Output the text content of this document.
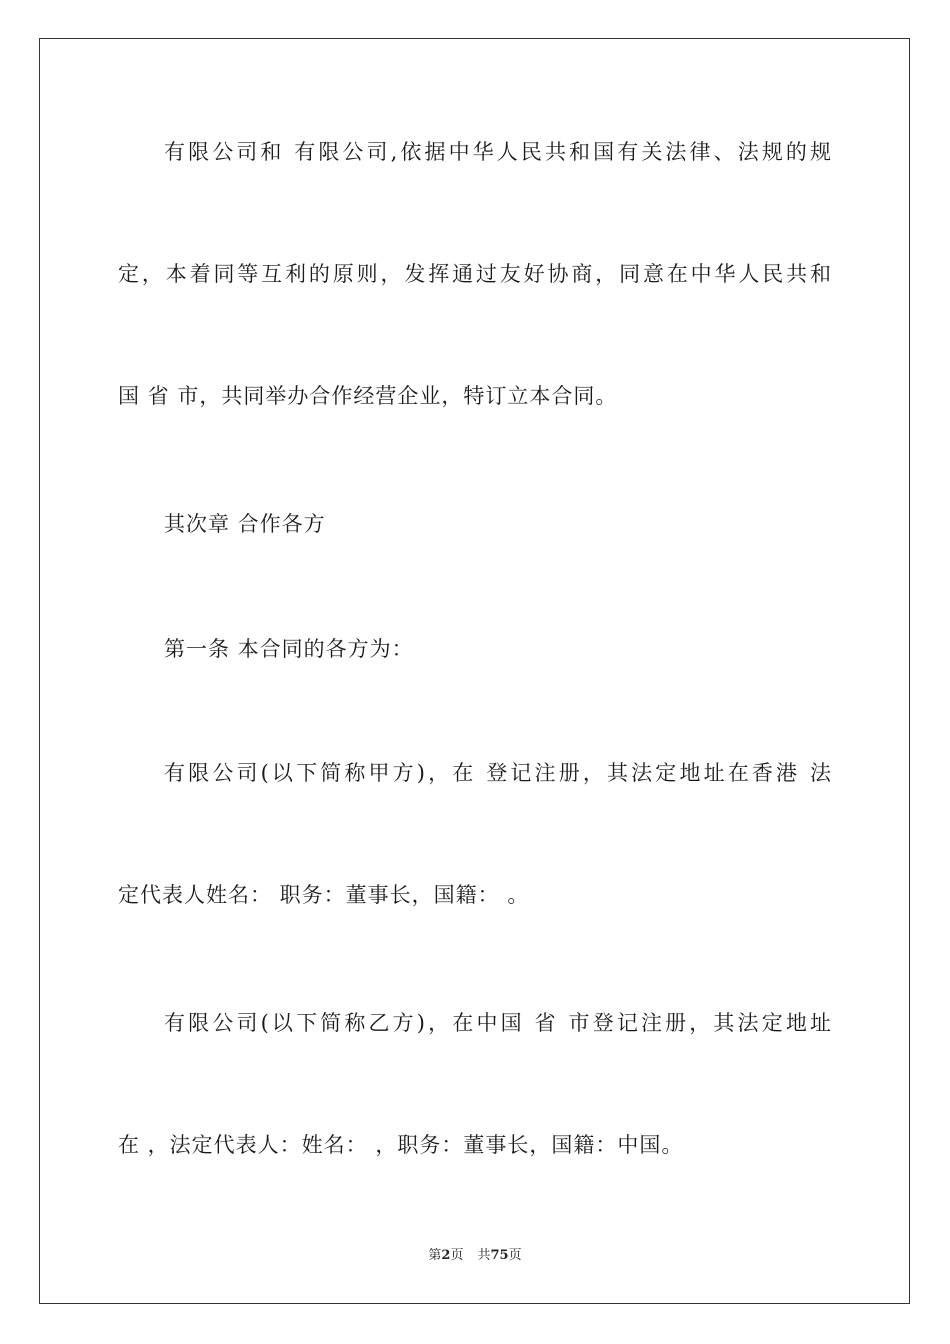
有限公司和 有限公司,依据中华人民共和国有关法律、法规的规
定，本着同等互利的原则，发挥通过友好协商，同意在中华人民共和
国 省 市，共同举办合作经营企业，特订立本合同。
其次章 合作各方
第一条 本合同的各方为：
有限公司(以下简称甲方)，在 登记注册，其法定地址在香港 法
定代表人姓名： 职务：董事长，国籍： 。
有限公司(以下简称乙方)，在中国 省 市登记注册，其法定地址
在 ，法定代表人：姓名： ，职务：董事长，国籍：中国。
第2页 共75页
